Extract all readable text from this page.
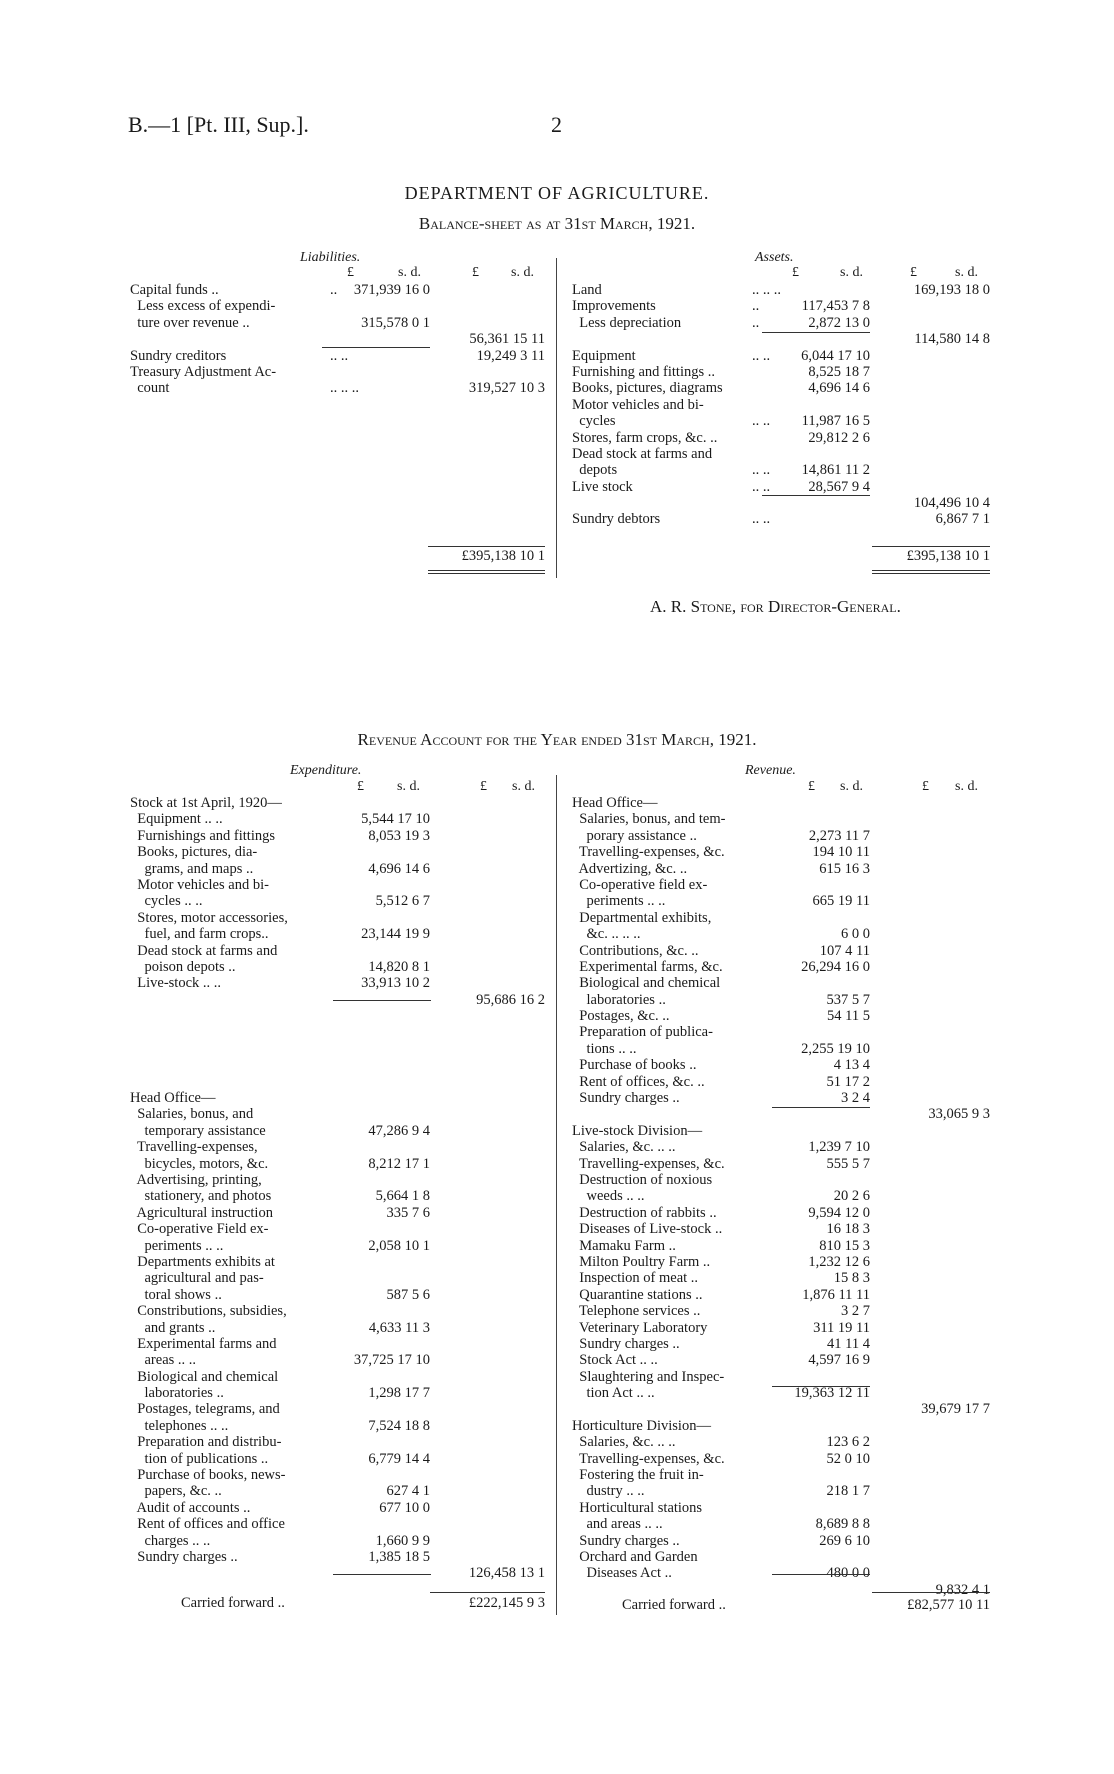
B.—1 [Pt. III, Sup.].	2
DEPARTMENT OF AGRICULTURE.
Balance-sheet as at 31st March, 1921.
Liabilities.	Assets.
£	s. d.	£ s. d.	£	s. d.	£	s. d.
Capital funds ..	..	371,939 16 0
Less excess of expendi-
ture over revenue ..	315,578 0 1
56,361 15 11
Sundry creditors	.. ..	19,249 3 11
Treasury Adjustment Ac-
count	.. .. ..	319,527 10 3
£395,138 10 1
Land	.. .. ..	169,193 18 0
Improvements	..	117,453 7 8
Less depreciation	..	2,872 13 0
114,580 14 8
Equipment	.. ..	6,044 17 10
Furnishing and fittings ..	8,525 18 7
Books, pictures, diagrams	4,696 14 6
Motor vehicles and bi-
cycles	.. ..	11,987 16 5
Stores, farm crops, &c. ..	29,812 2 6
Dead stock at farms and
depots	.. ..	14,861 11 2
Live stock	.. ..	28,567 9 4
104,496 10 4
Sundry debtors	.. ..	6,867 7 1
£395,138 10 1
A. R. Stone, for Director-General.
Revenue Account for the Year ended 31st March, 1921.
Expenditure.	Revenue.
£ s. d.	£ s. d.	£ s. d.	£ s. d.
Stock at 1st April, 1920—
Equipment .. ..	5,544 17 10
Furnishings and fittings	8,053 19 3
Books, pictures, dia-
grams, and maps ..	4,696 14 6
Motor vehicles and bi-
cycles .. ..	5,512 6 7
Stores, motor accessories,
fuel, and farm crops..	23,144 19 9
Dead stock at farms and
poison depots ..	14,820 8 1
Live-stock .. ..	33,913 10 2
95,686 16 2
Head Office—
Salaries, bonus, and
temporary assistance	47,286 9 4
Travelling-expenses,
bicycles, motors, &c.	8,212 17 1
Advertising, printing,
stationery, and photos	5,664 1 8
Agricultural instruction	335 7 6
Co-operative Field ex-
periments .. ..	2,058 10 1
Departments exhibits at
agricultural and pas-
toral shows ..	587 5 6
Constributions, subsidies,
and grants ..	4,633 11 3
Experimental farms and
areas .. ..	37,725 17 10
Biological and chemical
laboratories ..	1,298 17 7
Postages, telegrams, and
telephones .. ..	7,524 18 8
Preparation and distribu-
tion of publications ..	6,779 14 4
Purchase of books, news-
papers, &c. ..	627 4 1
Audit of accounts ..	677 10 0
Rent of offices and office
charges .. ..	1,660 9 9
Sundry charges ..	1,385 18 5
126,458 13 1
Head Office—
Salaries, bonus, and tem-
porary assistance ..	2,273 11 7
Travelling-expenses, &c.	194 10 11
Advertizing, &c. ..	615 16 3
Co-operative field ex-
periments .. ..	665 19 11
Departmental exhibits,
&c. .. .. ..	6 0 0
Contributions, &c. ..	107 4 11
Experimental farms, &c.	26,294 16 0
Biological and chemical
laboratories ..	537 5 7
Postages, &c. ..	54 11 5
Preparation of publica-
tions .. ..	2,255 19 10
Purchase of books ..	4 13 4
Rent of offices, &c. ..	51 17 2
Sundry charges ..	3 2 4
33,065 9 3
Live-stock Division—
Salaries, &c. .. ..	1,239 7 10
Travelling-expenses, &c.	555 5 7
Destruction of noxious
weeds .. ..	20 2 6
Destruction of rabbits ..	9,594 12 0
Diseases of Live-stock ..	16 18 3
Mamaku Farm ..	810 15 3
Milton Poultry Farm ..	1,232 12 6
Inspection of meat ..	15 8 3
Quarantine stations ..	1,876 11 11
Telephone services ..	3 2 7
Veterinary Laboratory	311 19 11
Sundry charges ..	41 11 4
Stock Act .. ..	4,597 16 9
Slaughtering and Inspec-
tion Act .. ..	19,363 12 11
39,679 17 7
Horticulture Division—
Salaries, &c. .. ..	123 6 2
Travelling-expenses, &c.	52 0 10
Fostering the fruit in-
dustry .. ..	218 1 7
Horticultural stations
and areas .. ..	8,689 8 8
Sundry charges ..	269 6 10
Orchard and Garden
Diseases Act ..	480 0 0
9,832 4 1
Carried forward ..	£222,145 9 3	Carried forward ..	£82,577 10 11
